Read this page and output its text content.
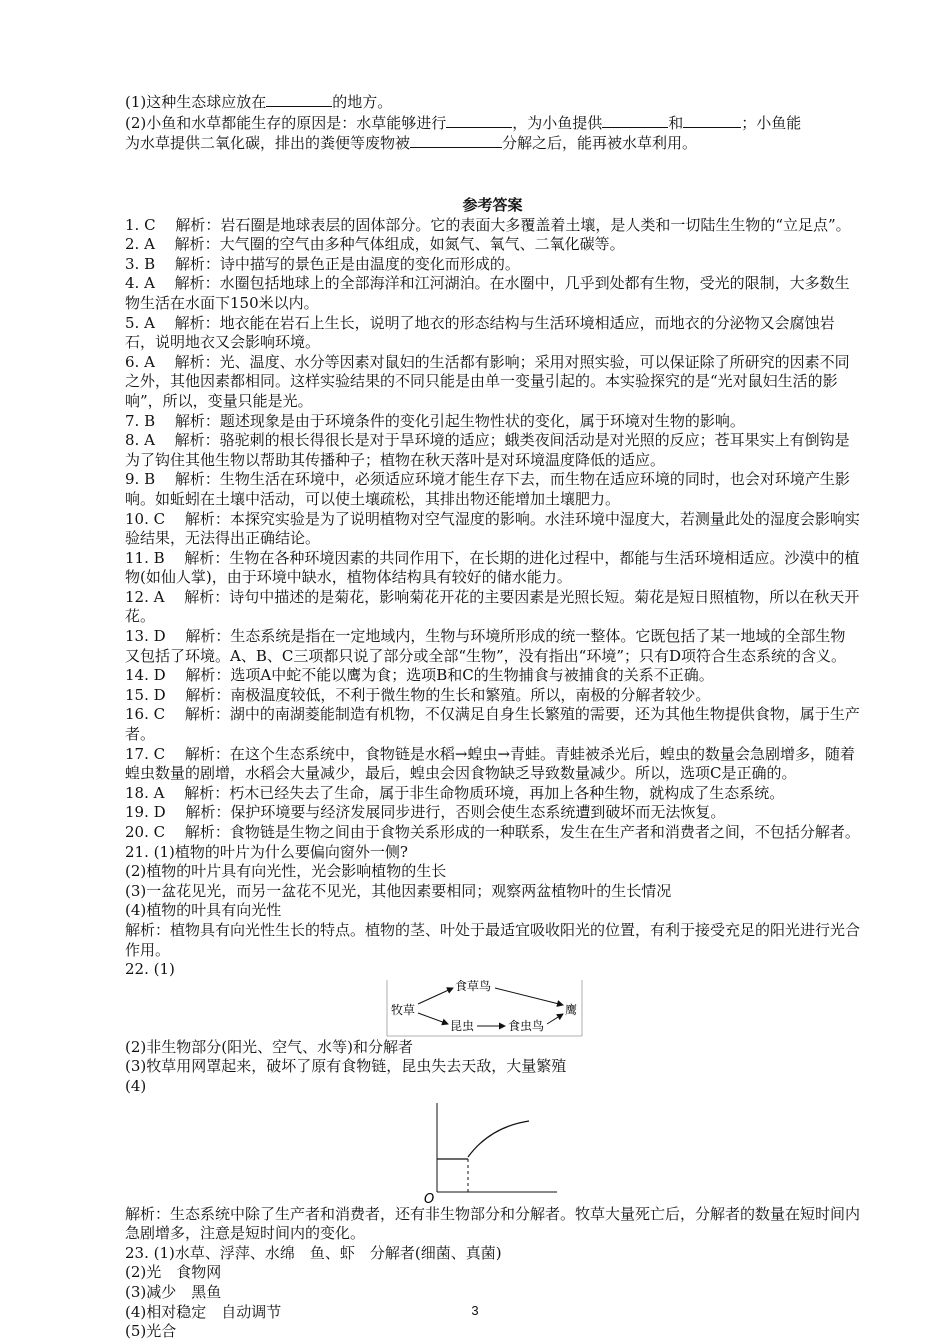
(1)这种生态球应放在	的地方。

(2)小鱼和水草都能生存的原因是：水草能够进行	，为小鱼提供	和	；小鱼能

为水草提供二氧化碳，排出的粪便等废物被	分解之后，能再被水草利用。

参考答案

1. C　 解析：岩石圈是地球表层的固体部分。它的表面大多覆盖着土壤，是人类和一切陆生生物的“立足点”。

2. A　 解析：大气圈的空气由多种气体组成，如氮气、氧气、二氧化碳等。

3. B　 解析：诗中描写的景色正是由温度的变化而形成的。

4. A　 解析：水圈包括地球上的全部海洋和江河湖泊。在水圈中，几乎到处都有生物，受光的限制，大多数生物生活在水面下150米以内。

5. A　 解析：地衣能在岩石上生长，说明了地衣的形态结构与生活环境相适应，而地衣的分泌物又会腐蚀岩石，说明地衣又会影响环境。

6. A　 解析：光、温度、水分等因素对鼠妇的生活都有影响；采用对照实验，可以保证除了所研究的因素不同之外，其他因素都相同。这样实验结果的不同只能是由单一变量引起的。本实验探究的是“光对鼠妇生活的影响”，所以，变量只能是光。

7. B　 解析：题述现象是由于环境条件的变化引起生物性状的变化，属于环境对生物的影响。

8. A　 解析：骆驼刺的根长得很长是对于旱环境的适应；蛾类夜间活动是对光照的反应；苍耳果实上有倒钩是为了钩住其他生物以帮助其传播种子；植物在秋天落叶是对环境温度降低的适应。

9. B　 解析：生物生活在环境中，必须适应环境才能生存下去，而生物在适应环境的同时，也会对环境产生影响。如蚯蚓在土壤中活动，可以使土壤疏松，其排出物还能增加土壤肥力。

10. C　 解析：本探究实验是为了说明植物对空气湿度的影响。水洼环境中湿度大，若测量此处的湿度会影响实验结果，无法得出正确结论。

11. B　 解析：生物在各种环境因素的共同作用下，在长期的进化过程中，都能与生活环境相适应。沙漠中的植物(如仙人掌)，由于环境中缺水，植物体结构具有较好的储水能力。

12. A　 解析：诗句中描述的是菊花，影响菊花开花的主要因素是光照长短。菊花是短日照植物，所以在秋天开花。

13. D　 解析：生态系统是指在一定地域内，生物与环境所形成的统一整体。它既包括了某一地域的全部生物又包括了环境。A、B、C三项都只说了部分或全部“生物”，没有指出“环境”；只有D项符合生态系统的含义。

14. D　 解析：选项A中蛇不能以鹰为食；选项B和C的生物捕食与被捕食的关系不正确。

15. D　 解析：南极温度较低，不利于微生物的生长和繁殖。所以，南极的分解者较少。

16. C　 解析：湖中的南湖菱能制造有机物，不仅满足自身生长繁殖的需要，还为其他生物提供食物，属于生产者。

17. C　 解析：在这个生态系统中，食物链是水稻→蝗虫→青蛙。青蛙被杀光后，蝗虫的数量会急剧增多，随着蝗虫数量的剧增，水稻会大量减少，最后，蝗虫会因食物缺乏导致数量减少。所以，选项C是正确的。

18. A　 解析：朽木已经失去了生命，属于非生命物质环境，再加上各种生物，就构成了生态系统。

19. D　 解析：保护环境要与经济发展同步进行，否则会使生态系统遭到破坏而无法恢复。

20. C　 解析：食物链是生物之间由于食物关系形成的一种联系，发生在生产者和消费者之间，不包括分解者。

21. (1)植物的叶片为什么要偏向窗外一侧?

(2)植物的叶片具有向光性，光会影响植物的生长

(3)一盆花见光，而另一盆花不见光，其他因素要相同；观察两盆植物叶的生长情况

(4)植物的叶具有向光性

解析：植物具有向光性生长的特点。植物的茎、叶处于最适宜吸收阳光的位置，有利于接受充足的阳光进行光合作用。

22. (1)

牧草
食草鸟
昆虫	食虫鸟
鹰

(2)非生物部分(阳光、空气、水等)和分解者

(3)牧草用网罩起来，破坏了原有食物链，昆虫失去天敌，大量繁殖

(4)

O

解析：生态系统中除了生产者和消费者，还有非生物部分和分解者。牧草大量死亡后，分解者的数量在短时间内急剧增多，注意是短时间内的变化。

23. (1)水草、浮萍、水绵　鱼、虾　分解者(细菌、真菌)

(2)光　食物网

(3)减少　黑鱼

(4)相对稳定　自动调节

(5)光合

3
